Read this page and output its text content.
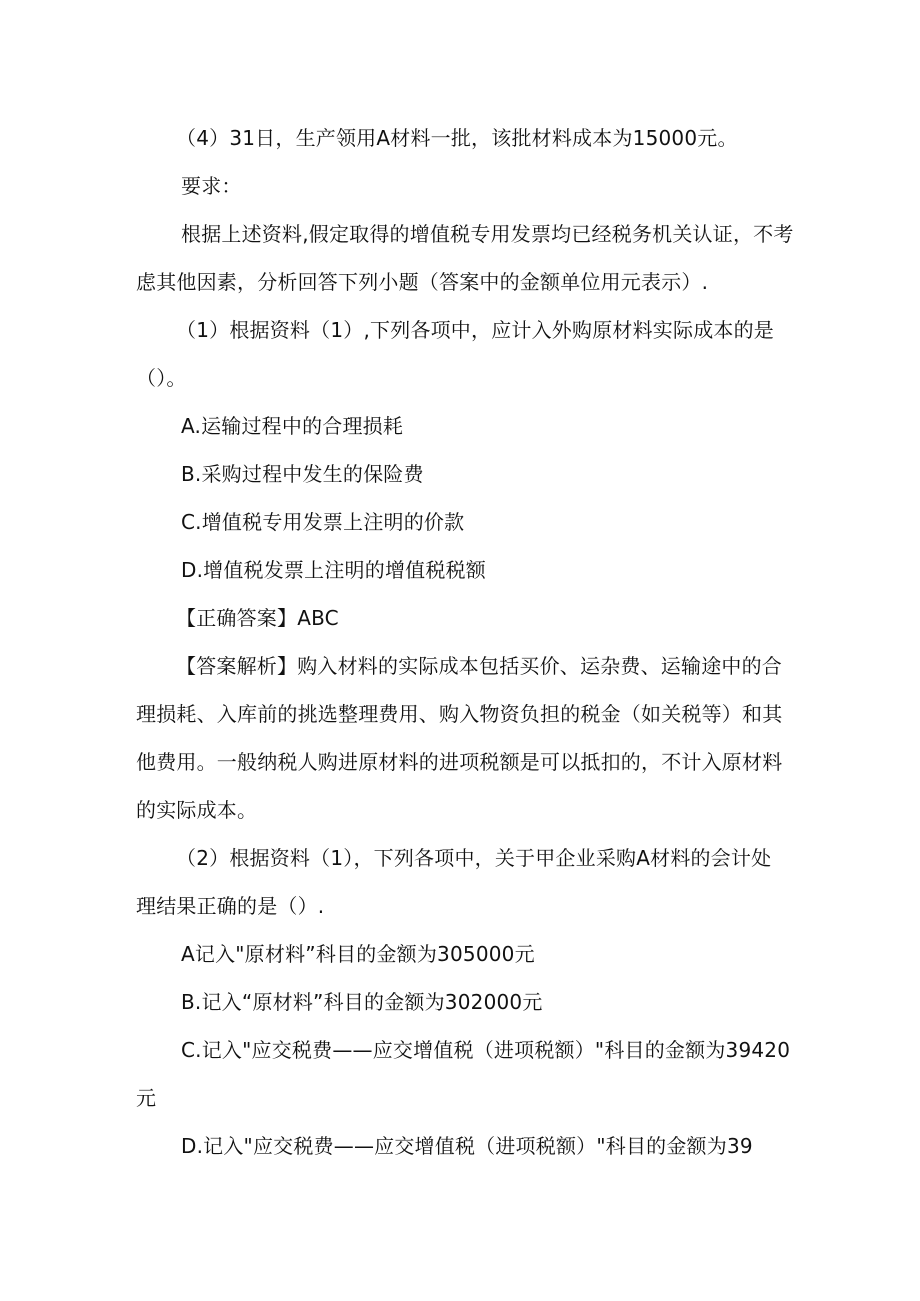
（4）31日，生产领用A材料一批，该批材料成本为15000元。
要求：
根据上述资料,假定取得的增值税专用发票均已经税务机关认证，不考
虑其他因素，分析回答下列小题（答案中的金额单位用元表示）.
（1）根据资料（1）,下列各项中，应计入外购原材料实际成本的是
（）。
A.运输过程中的合理损耗
B.采购过程中发生的保险费
C.增值税专用发票上注明的价款
D.增值税发票上注明的增值税税额
【正确答案】ABC
【答案解析】购入材料的实际成本包括买价、运杂费、运输途中的合
理损耗、入库前的挑选整理费用、购入物资负担的税金（如关税等）和其
他费用。一般纳税人购进原材料的进项税额是可以抵扣的，不计入原材料
的实际成本。
（2）根据资料（1），下列各项中，关于甲企业采购A材料的会计处
理结果正确的是（）.
A记入"原材料”科目的金额为305000元
B.记入“原材料”科目的金额为302000元
C.记入"应交税费——应交增值税（进项税额）"科目的金额为39420
元
D.记入"应交税费——应交增值税（进项税额）"科目的金额为39
